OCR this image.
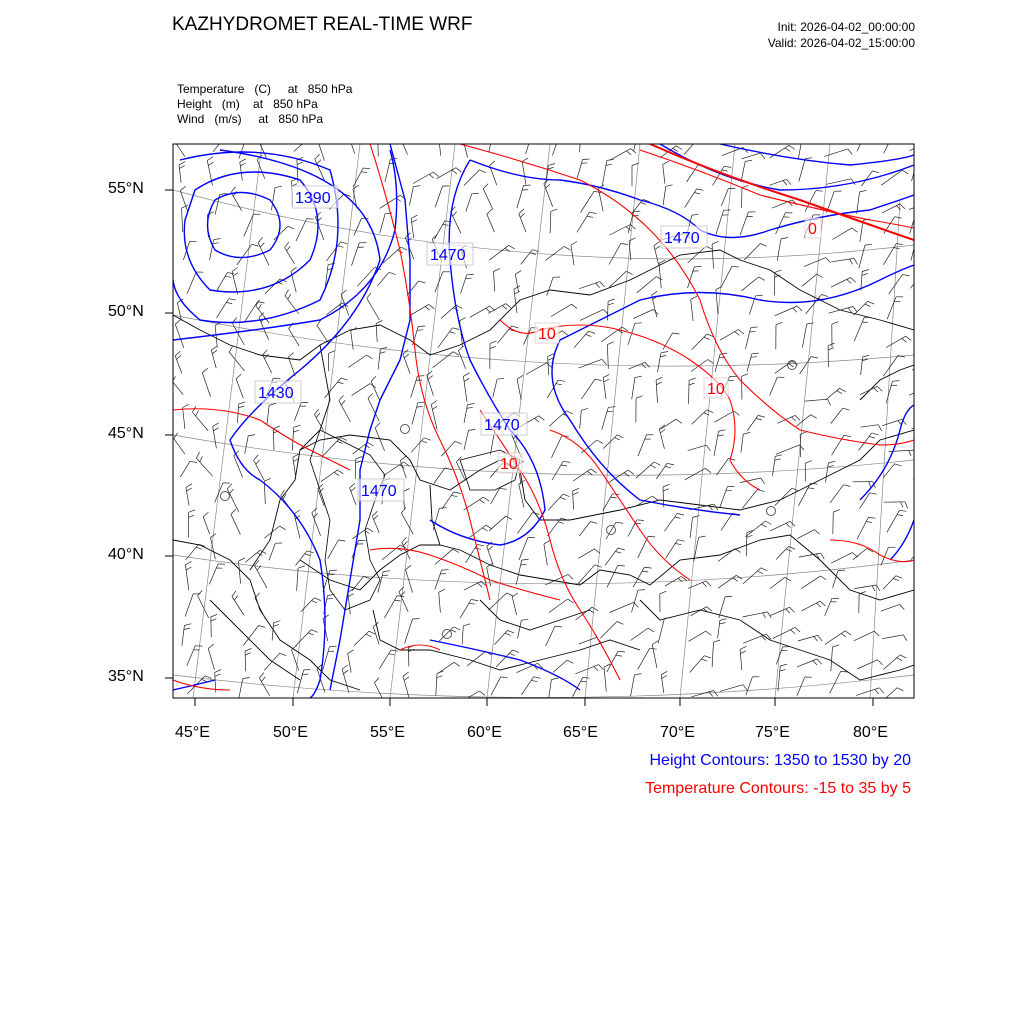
KAZHYDROMET REAL-TIME WRF	Init: 2026-04-02_00:00:00
Valid: 2026-04-02_15:00:00
Temperature (C) at 850 hPa
Height (m) at 850 hPa
Wind (m/s) at 850 hPa
1390
1470
1470
1430
1470
1470
10
10
10
0
55°N
50°N
45°N
40°N
35°N
45°E	50°E	55°E	60°E	65°E	70°E	75°E	80°E
Height Contours: 1350 to 1530 by 20
Temperature Contours: -15 to 35 by 5
